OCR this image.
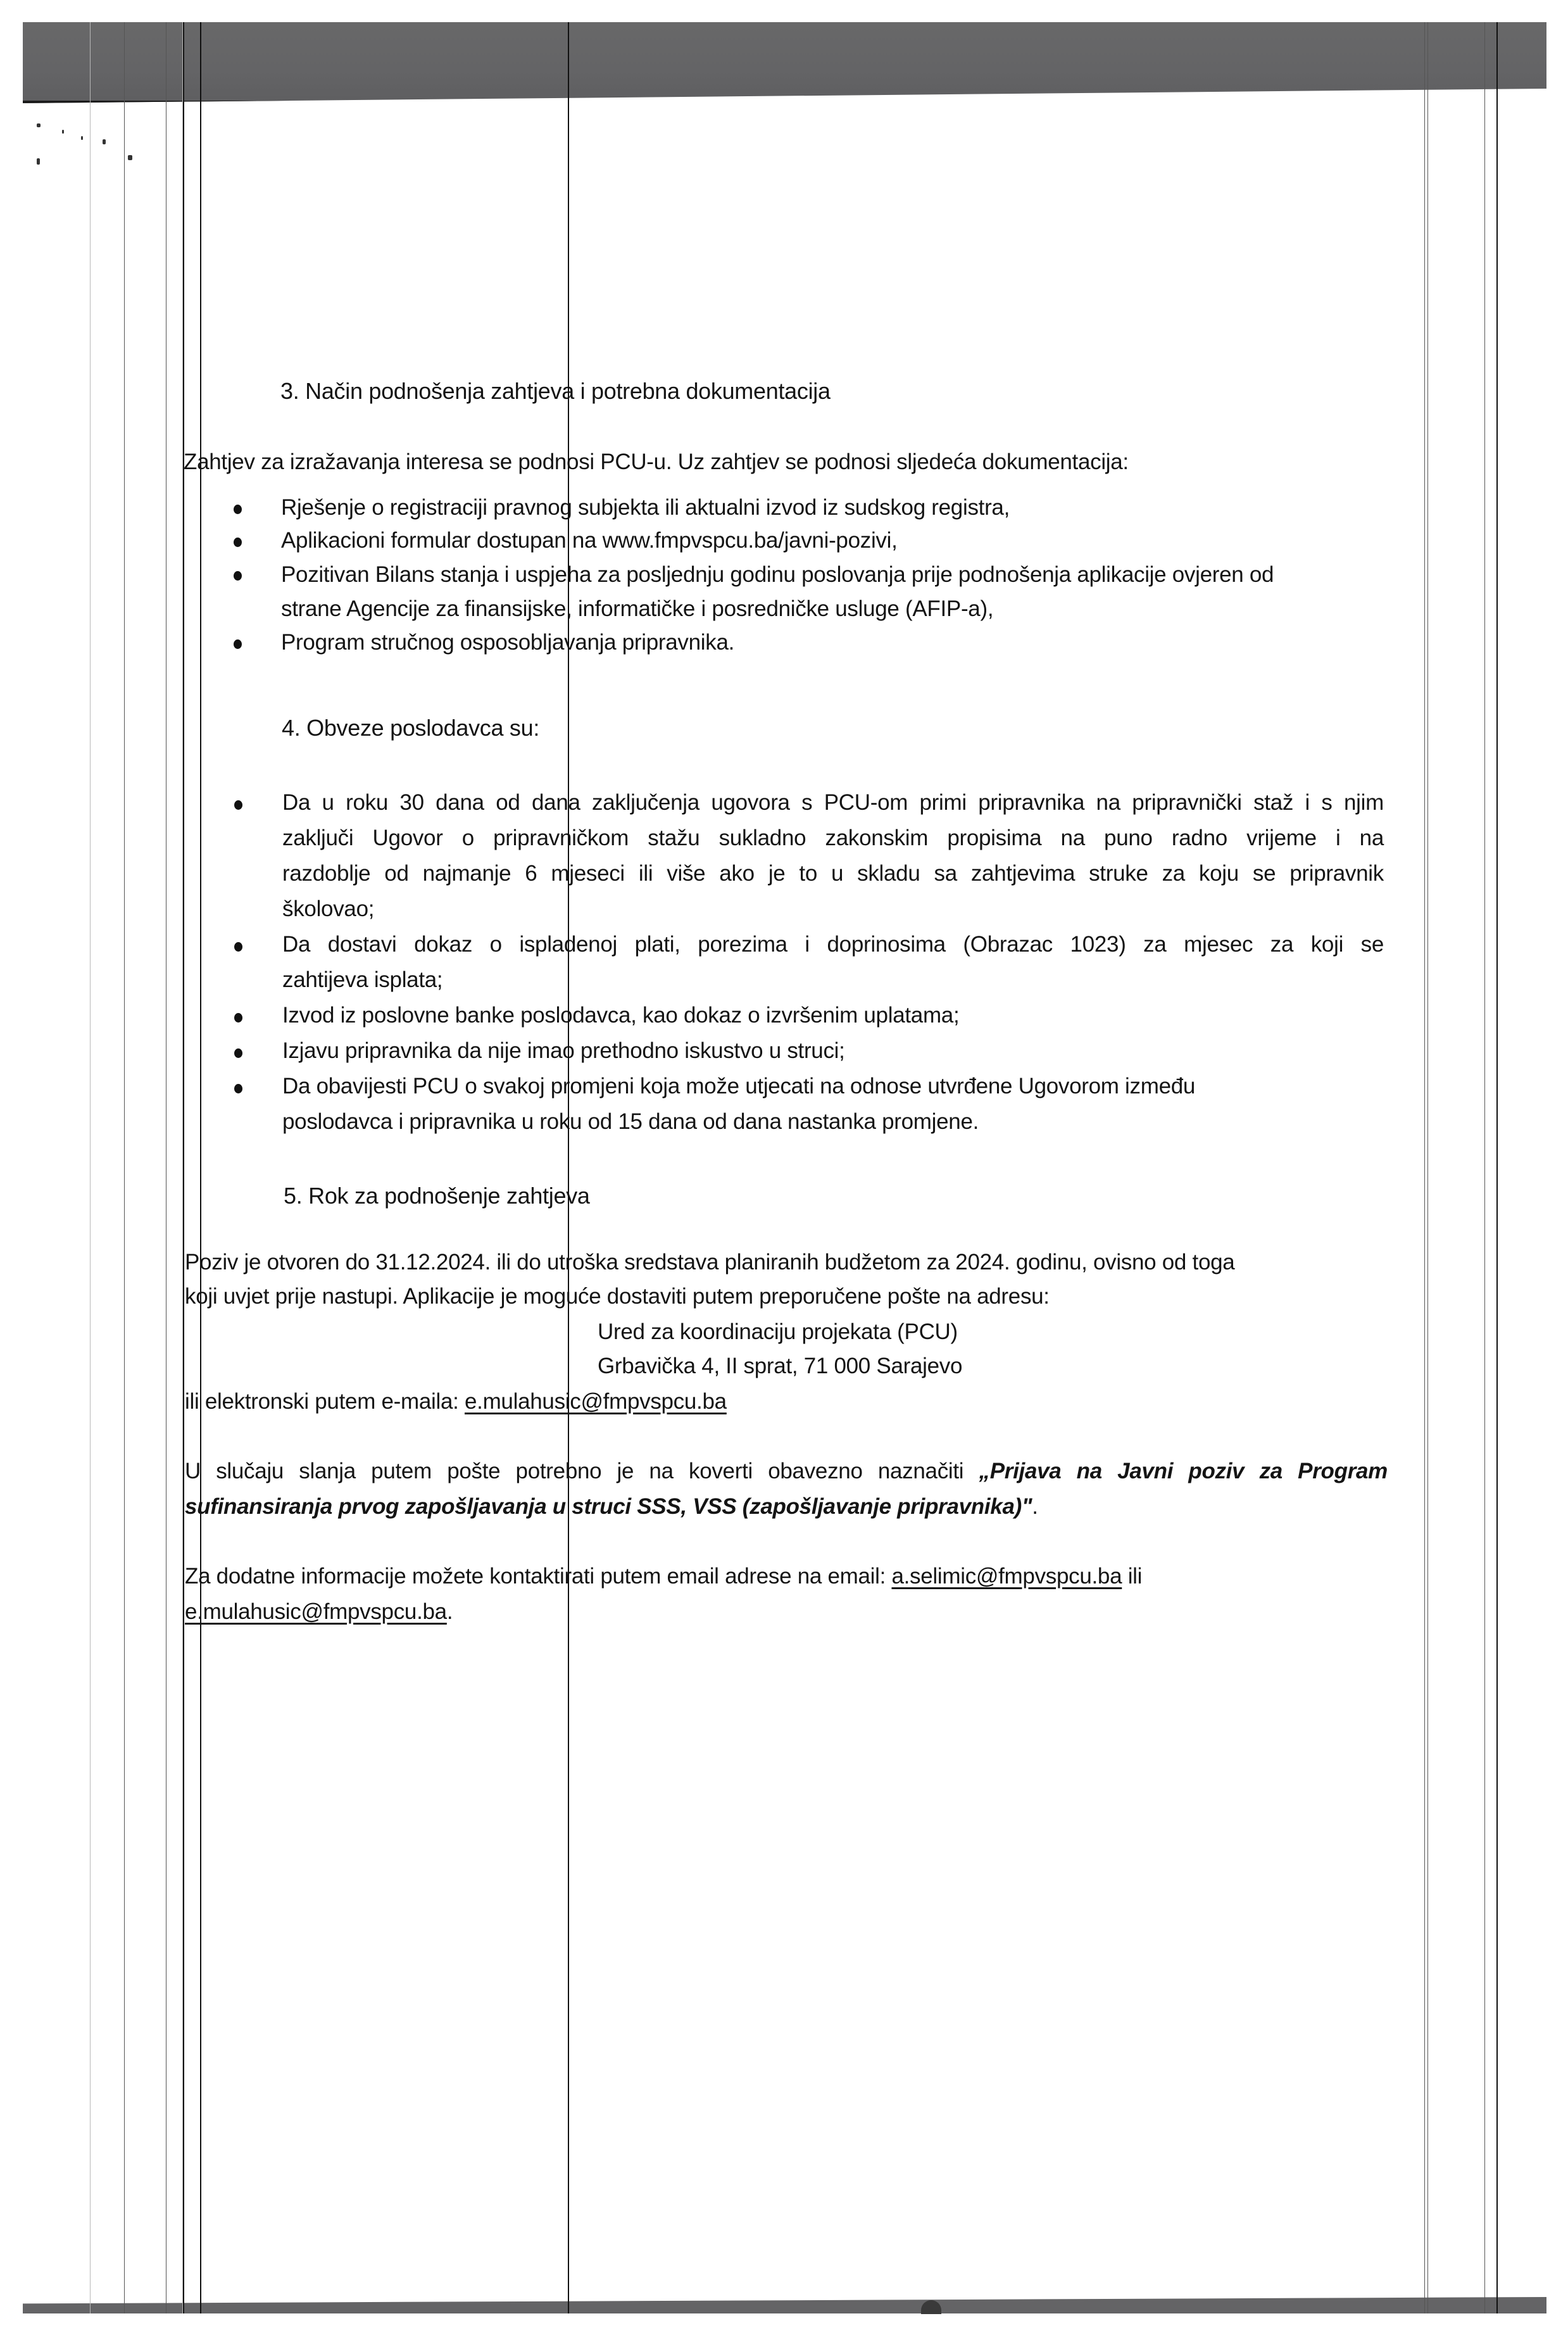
3. Način podnošenja zahtjeva i potrebna dokumentacija
Zahtjev za izražavanja interesa se podnosi PCU-u. Uz zahtjev se podnosi sljedeća dokumentacija:
Rješenje o registraciji pravnog subjekta ili aktualni izvod iz sudskog registra,
Aplikacioni formular dostupan na www.fmpvspcu.ba/javni-pozivi,
Pozitivan Bilans stanja i uspjeha za posljednju godinu poslovanja prije podnošenja aplikacije ovjeren od
strane Agencije za finansijske, informatičke i posredničke usluge (AFIP-a),
Program stručnog osposobljavanja pripravnika.
4. Obveze poslodavca su:
Da u roku 30 dana od dana zaključenja ugovora s PCU-om primi pripravnika na pripravnički staž i s njim
zaključi Ugovor o pripravničkom stažu sukladno zakonskim propisima na puno radno vrijeme i na
razdoblje od najmanje 6 mjeseci ili više ako je to u skladu sa zahtjevima struke za koju se pripravnik
školovao;
Da dostavi dokaz o ispladenoj plati, porezima i doprinosima (Obrazac 1023) za mjesec za koji se
zahtijeva isplata;
Izvod iz poslovne banke poslodavca, kao dokaz o izvršenim uplatama;
Izjavu pripravnika da nije imao prethodno iskustvo u struci;
Da obavijesti PCU o svakoj promjeni koja može utjecati na odnose utvrđene Ugovorom između
poslodavca i pripravnika u roku od 15 dana od dana nastanka promjene.
5. Rok za podnošenje zahtjeva
Poziv je otvoren do 31.12.2024. ili do utroška sredstava planiranih budžetom za 2024. godinu, ovisno od toga
koji uvjet prije nastupi. Aplikacije je moguće dostaviti putem preporučene pošte na adresu:
Ured za koordinaciju projekata (PCU)
Grbavička 4, II sprat, 71 000 Sarajevo
ili elektronski putem e-maila: e.mulahusic@fmpvspcu.ba
U slučaju slanja putem pošte potrebno je na koverti obavezno naznačiti „Prijava na Javni poziv za Program
sufinansiranja prvog zapošljavanja u struci SSS, VSS (zapošljavanje pripravnika)".
Za dodatne informacije možete kontaktirati putem email adrese na email: a.selimic@fmpvspcu.ba ili
e.mulahusic@fmpvspcu.ba.
